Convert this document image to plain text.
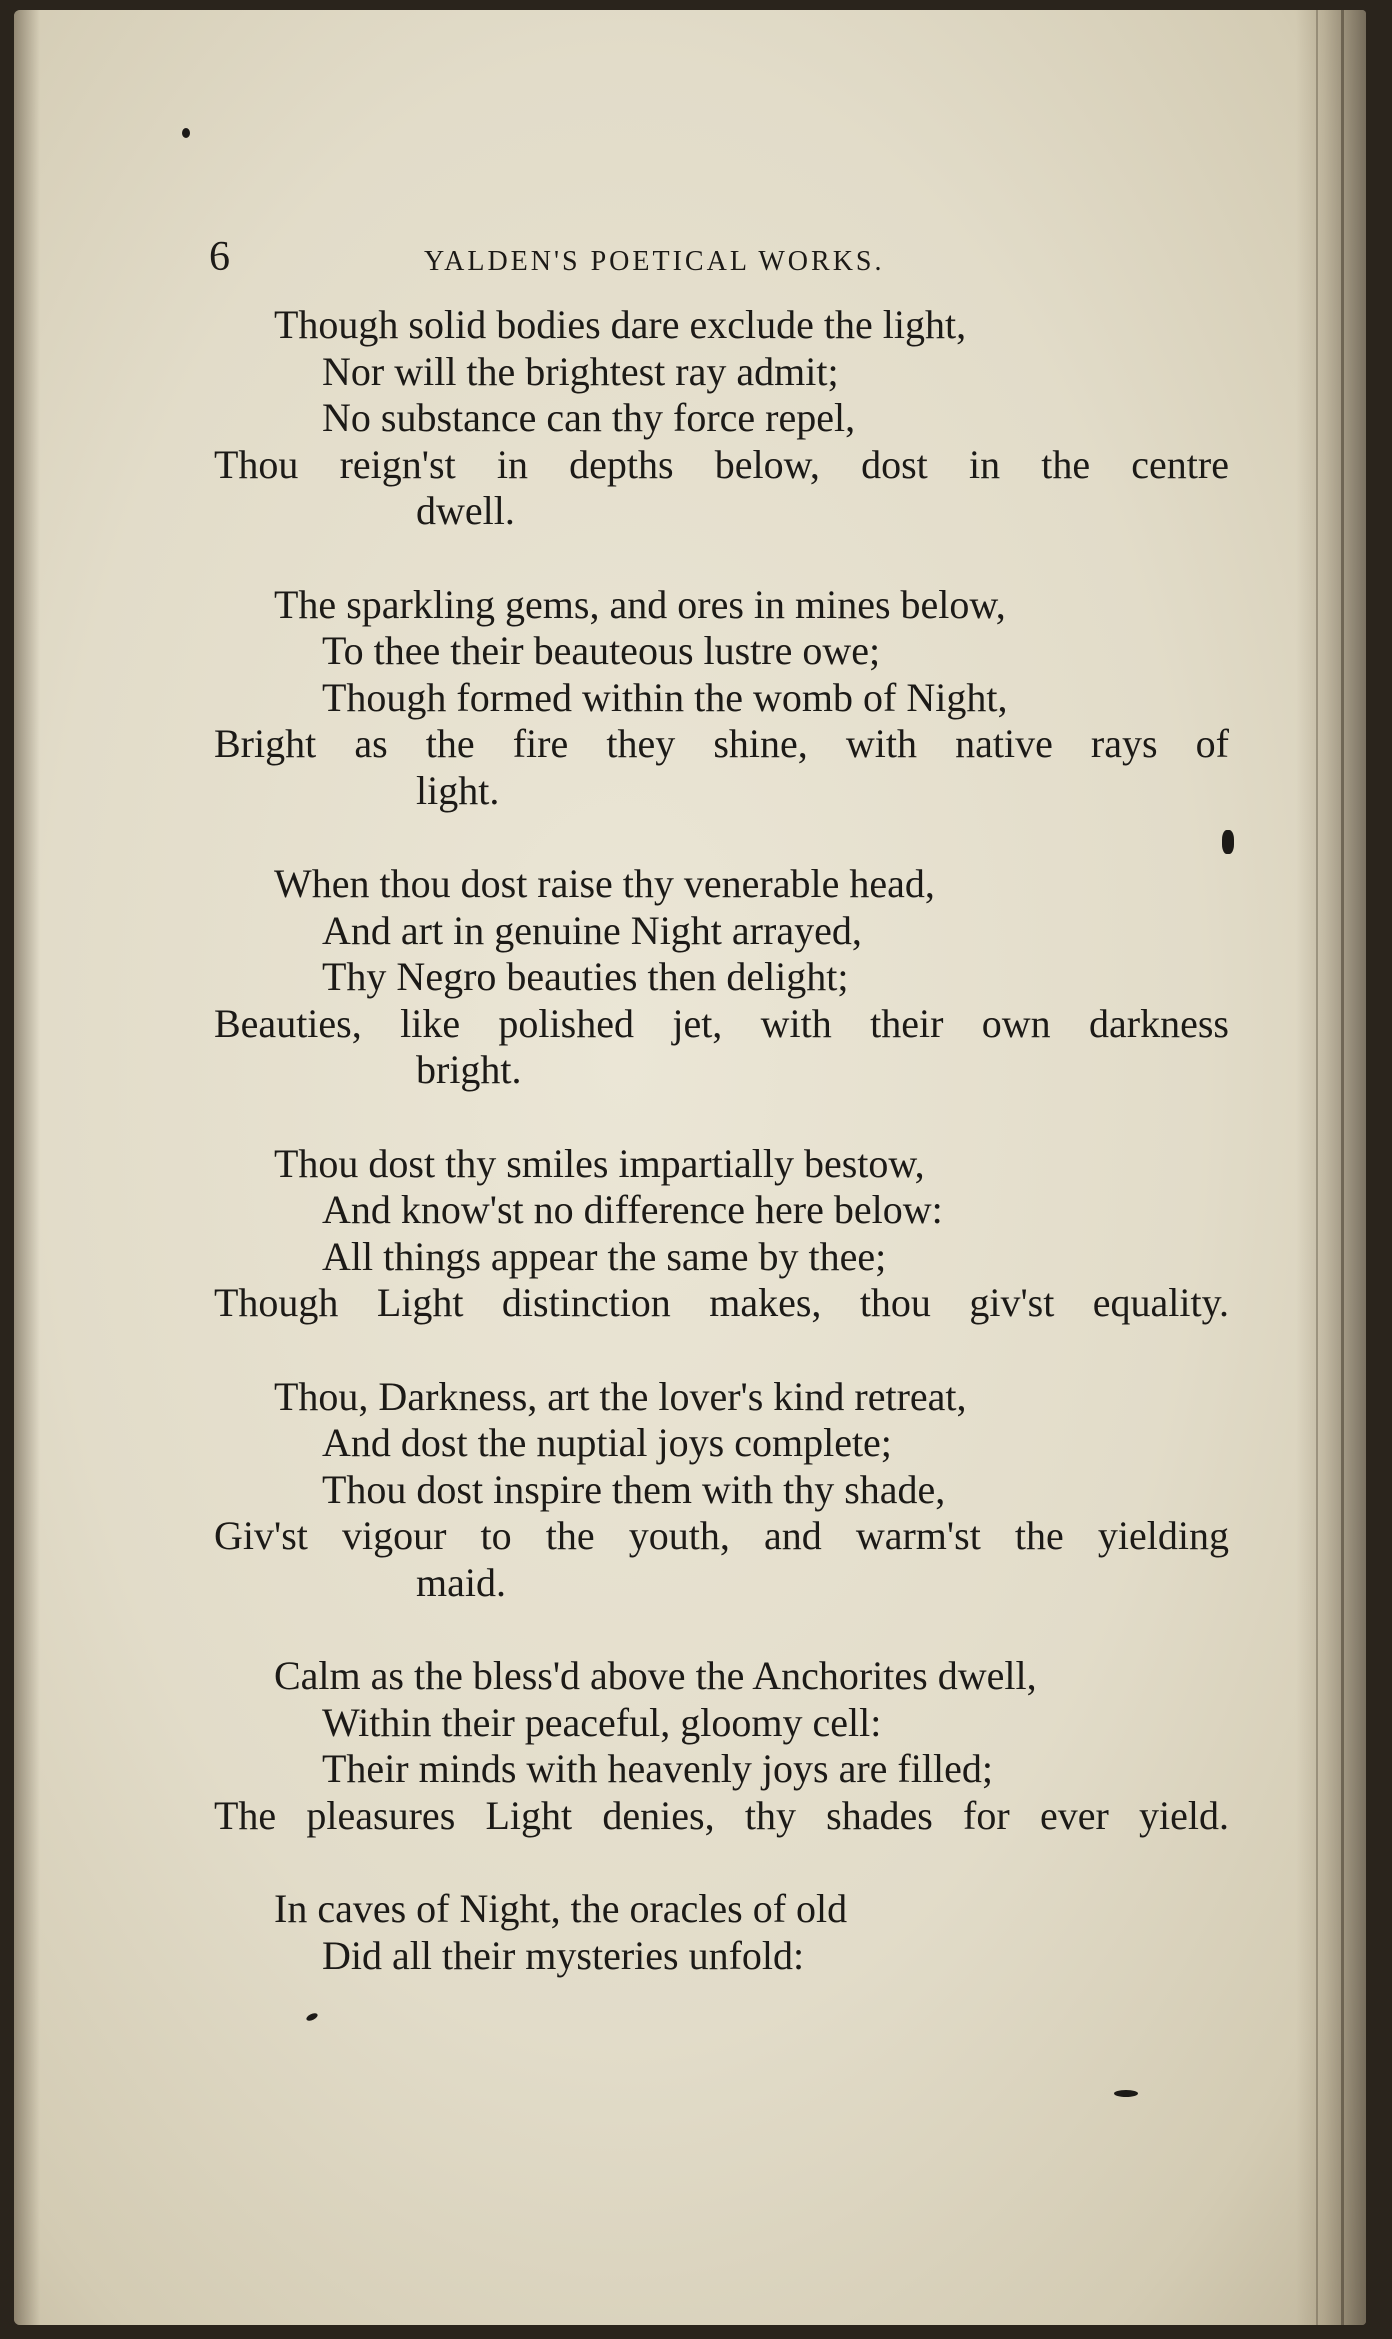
6	YALDEN'S POETICAL WORKS.
Though solid bodies dare exclude the light,
Nor will the brightest ray admit;
No substance can thy force repel,
Thou reign'st in depths below, dost in the centre
dwell.
The sparkling gems, and ores in mines below,
To thee their beauteous lustre owe;
Though formed within the womb of Night,
Bright as the fire they shine, with native rays of
light.
When thou dost raise thy venerable head,
And art in genuine Night arrayed,
Thy Negro beauties then delight;
Beauties, like polished jet, with their own darkness
bright.
Thou dost thy smiles impartially bestow,
And know'st no difference here below:
All things appear the same by thee;
Though Light distinction makes, thou giv'st equality.
Thou, Darkness, art the lover's kind retreat,
And dost the nuptial joys complete;
Thou dost inspire them with thy shade,
Giv'st vigour to the youth, and warm'st the yielding
maid.
Calm as the bless'd above the Anchorites dwell,
Within their peaceful, gloomy cell:
Their minds with heavenly joys are filled;
The pleasures Light denies, thy shades for ever yield.
In caves of Night, the oracles of old
Did all their mysteries unfold:
